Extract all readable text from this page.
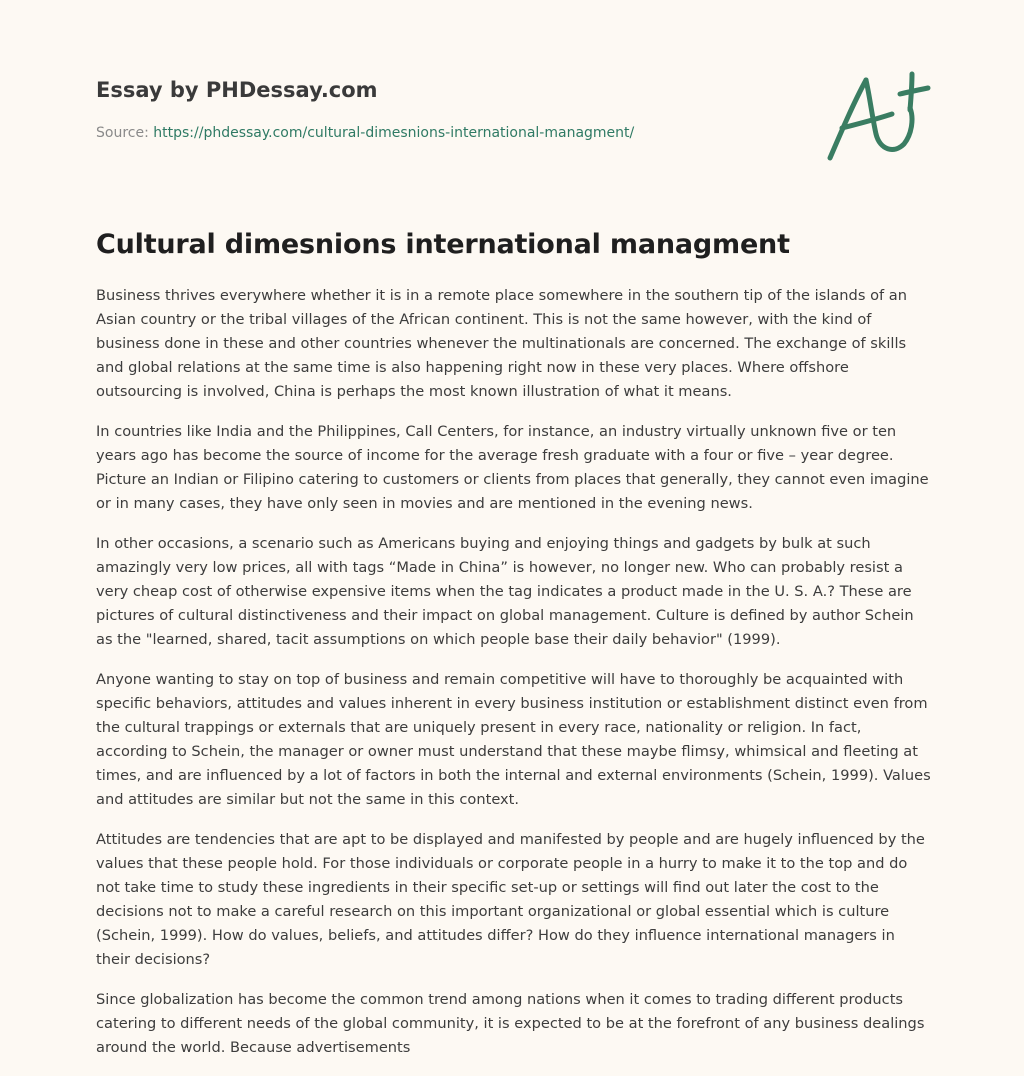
Essay by PHDessay.com
Source: https://phdessay.com/cultural-dimesnions-international-managment/
Cultural dimesnions international managment

Business thrives everywhere whether it is in a remote place somewhere in the southern tip of the islands of an Asian country or the tribal villages of the African continent. This is not the same however, with the kind of business done in these and other countries whenever the multinationals are concerned. The exchange of skills and global relations at the same time is also happening right now in these very places. Where offshore outsourcing is involved, China is perhaps the most known illustration of what it means.

In countries like India and the Philippines, Call Centers, for instance, an industry virtually unknown five or ten years ago has become the source of income for the average fresh graduate with a four or five – year degree. Picture an Indian or Filipino catering to customers or clients from places that generally, they cannot even imagine or in many cases, they have only seen in movies and are mentioned in the evening news.

In other occasions, a scenario such as Americans buying and enjoying things and gadgets by bulk at such amazingly very low prices, all with tags “Made in China” is however, no longer new. Who can probably resist a very cheap cost of otherwise expensive items when the tag indicates a product made in the U. S. A.? These are pictures of cultural distinctiveness and their impact on global management. Culture is defined by author Schein as the "learned, shared, tacit assumptions on which people base their daily behavior" (1999).

Anyone wanting to stay on top of business and remain competitive will have to thoroughly be acquainted with specific behaviors, attitudes and values inherent in every business institution or establishment distinct even from the cultural trappings or externals that are uniquely present in every race, nationality or religion. In fact, according to Schein, the manager or owner must understand that these maybe flimsy, whimsical and fleeting at times, and are influenced by a lot of factors in both the internal and external environments (Schein, 1999). Values and attitudes are similar but not the same in this context.

Attitudes are tendencies that are apt to be displayed and manifested by people and are hugely influenced by the values that these people hold. For those individuals or corporate people in a hurry to make it to the top and do not take time to study these ingredients in their specific set-up or settings will find out later the cost to the decisions not to make a careful research on this important organizational or global essential which is culture (Schein, 1999). How do values, beliefs, and attitudes differ? How do they influence international managers in their decisions?

Since globalization has become the common trend among nations when it comes to trading different products catering to different needs of the global community, it is expected to be at the forefront of any business dealings around the world. Because advertisements
